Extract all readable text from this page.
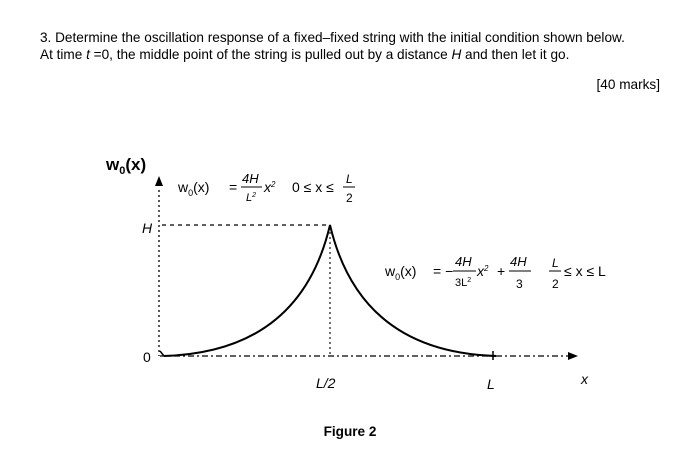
3. Determine the oscillation response of a fixed–fixed string with the initial condition shown below.

At time t =0, the middle point of the string is pulled out by a distance H and then let it go.

[40 marks]
$w_0(x)$
H
0
L/2	L	x
$w_0(x)$ =
4H
$L^2$
$x^2$ 0 ≤ x ≤ L
2
$w_0(x)$ = −
4H
$3L^2$
$x^2$ +
4H
3
L
2
≤ x ≤ L
Figure 2
